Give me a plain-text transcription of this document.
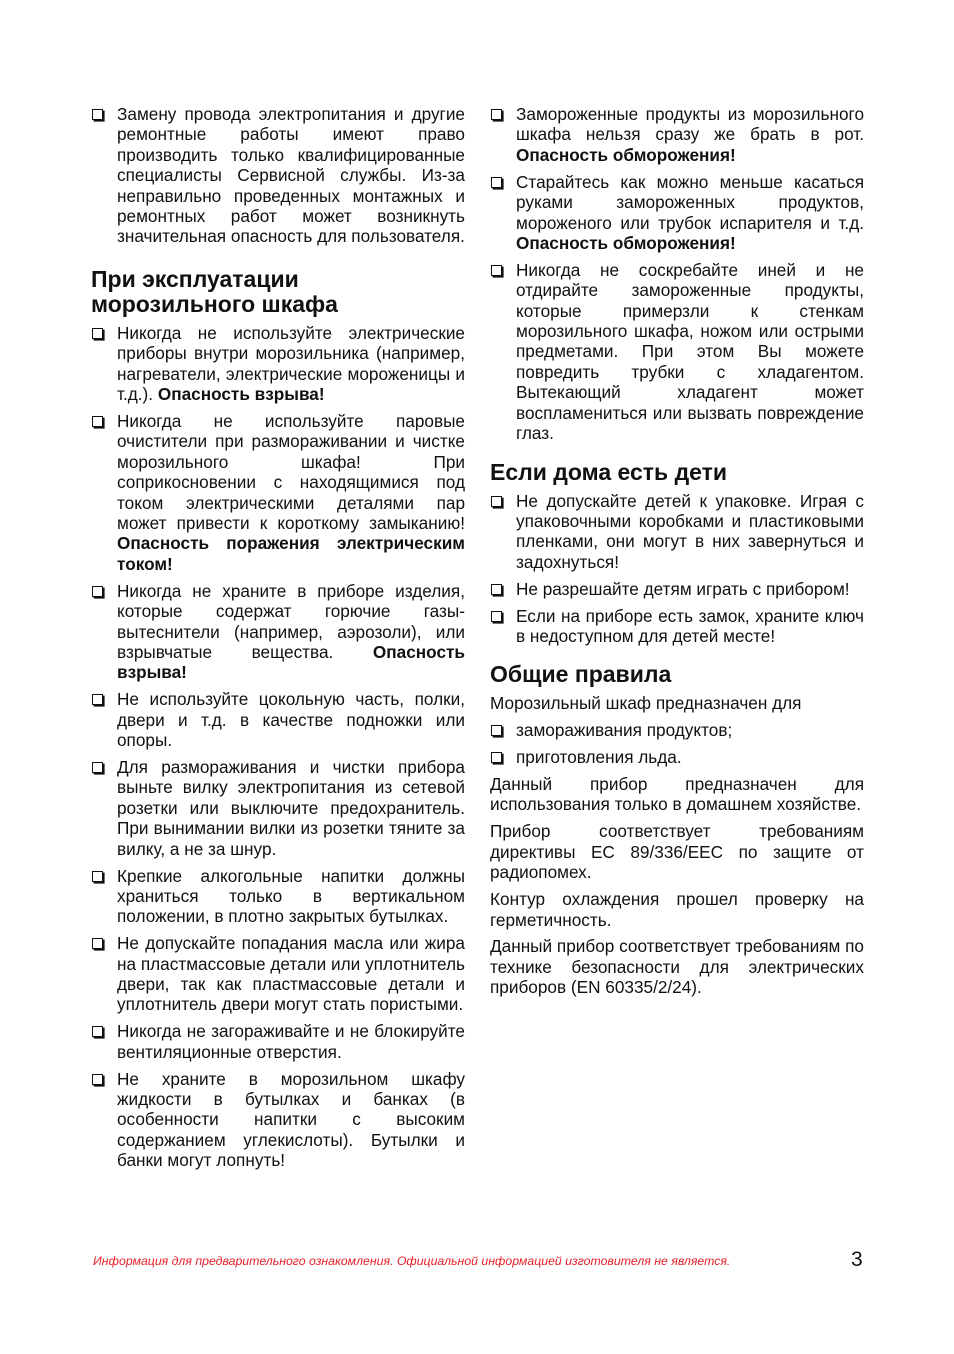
Замену провода электропитания и другие ремонтные работы имеют право производить только квалифицированные специалисты Сервисной службы. Из-за неправильно проведенных монтажных и ремонтных работ может возникнуть значительная опасность для пользователя.
При эксплуатации морозильного шкафа
Никогда не используйте электрические приборы внутри морозильника (например, нагреватели, электрические мороженицы и т.д.). Опасность взрыва!
Никогда не используйте паровые очистители при размораживании и чистке морозильного шкафа! При соприкосновении с находящимися под током электрическими деталями пар может привести к короткому замыканию! Опасность поражения электрическим током!
Никогда не храните в приборе изделия, которые содержат горючие газы-вытеснители (например, аэрозоли), или взрывчатые вещества. Опасность взрыва!
Не используйте цокольную часть, полки, двери и т.д. в качестве подножки или опоры.
Для размораживания и чистки прибора выньте вилку электропитания из сетевой розетки или выключите предохранитель. При вынимании вилки из розетки тяните за вилку, а не за шнур.
Крепкие алкогольные напитки должны храниться только в вертикальном положении, в плотно закрытых бутылках.
Не допускайте попадания масла или жира на пластмассовые детали или уплотнитель двери, так как пластмассовые детали и уплотнитель двери могут стать пористыми.
Никогда не загораживайте и не блокируйте вентиляционные отверстия.
Не храните в морозильном шкафу жидкости в бутылках и банках (в особенности напитки с высоким содержанием углекислоты). Бутылки и банки могут лопнуть!
Замороженные продукты из морозильного шкафа нельзя сразу же брать в рот. Опасность обморожения!
Старайтесь как можно меньше касаться руками замороженных продуктов, мороженого или трубок испарителя и т.д. Опасность обморожения!
Никогда не соскребайте иней и не отдирайте замороженные продукты, которые примерзли к стенкам морозильного шкафа, ножом или острыми предметами. При этом Вы можете повредить трубки с хладагентом. Вытекающий хладагент может воспламениться или вызвать повреждение глаз.
Если дома есть дети
Не допускайте детей к упаковке. Играя с упаковочными коробками и пластиковыми пленками, они могут в них завернуться и задохнуться!
Не разрешайте детям играть с прибором!
Если на приборе есть замок, храните ключ в недоступном для детей месте!
Общие правила
Морозильный шкаф предназначен для
замораживания продуктов;
приготовления льда.
Данный прибор предназначен для использования только в домашнем хозяйстве.
Прибор соответствует требованиям директивы ЕС 89/336/ЕЕС по защите от радиопомех.
Контур охлаждения прошел проверку на герметичность.
Данный прибор соответствует требованиям по технике безопасности для электрических приборов (EN 60335/2/24).
Информация для предварительного ознакомления. Официальной информацией изготовителя не является.	3
